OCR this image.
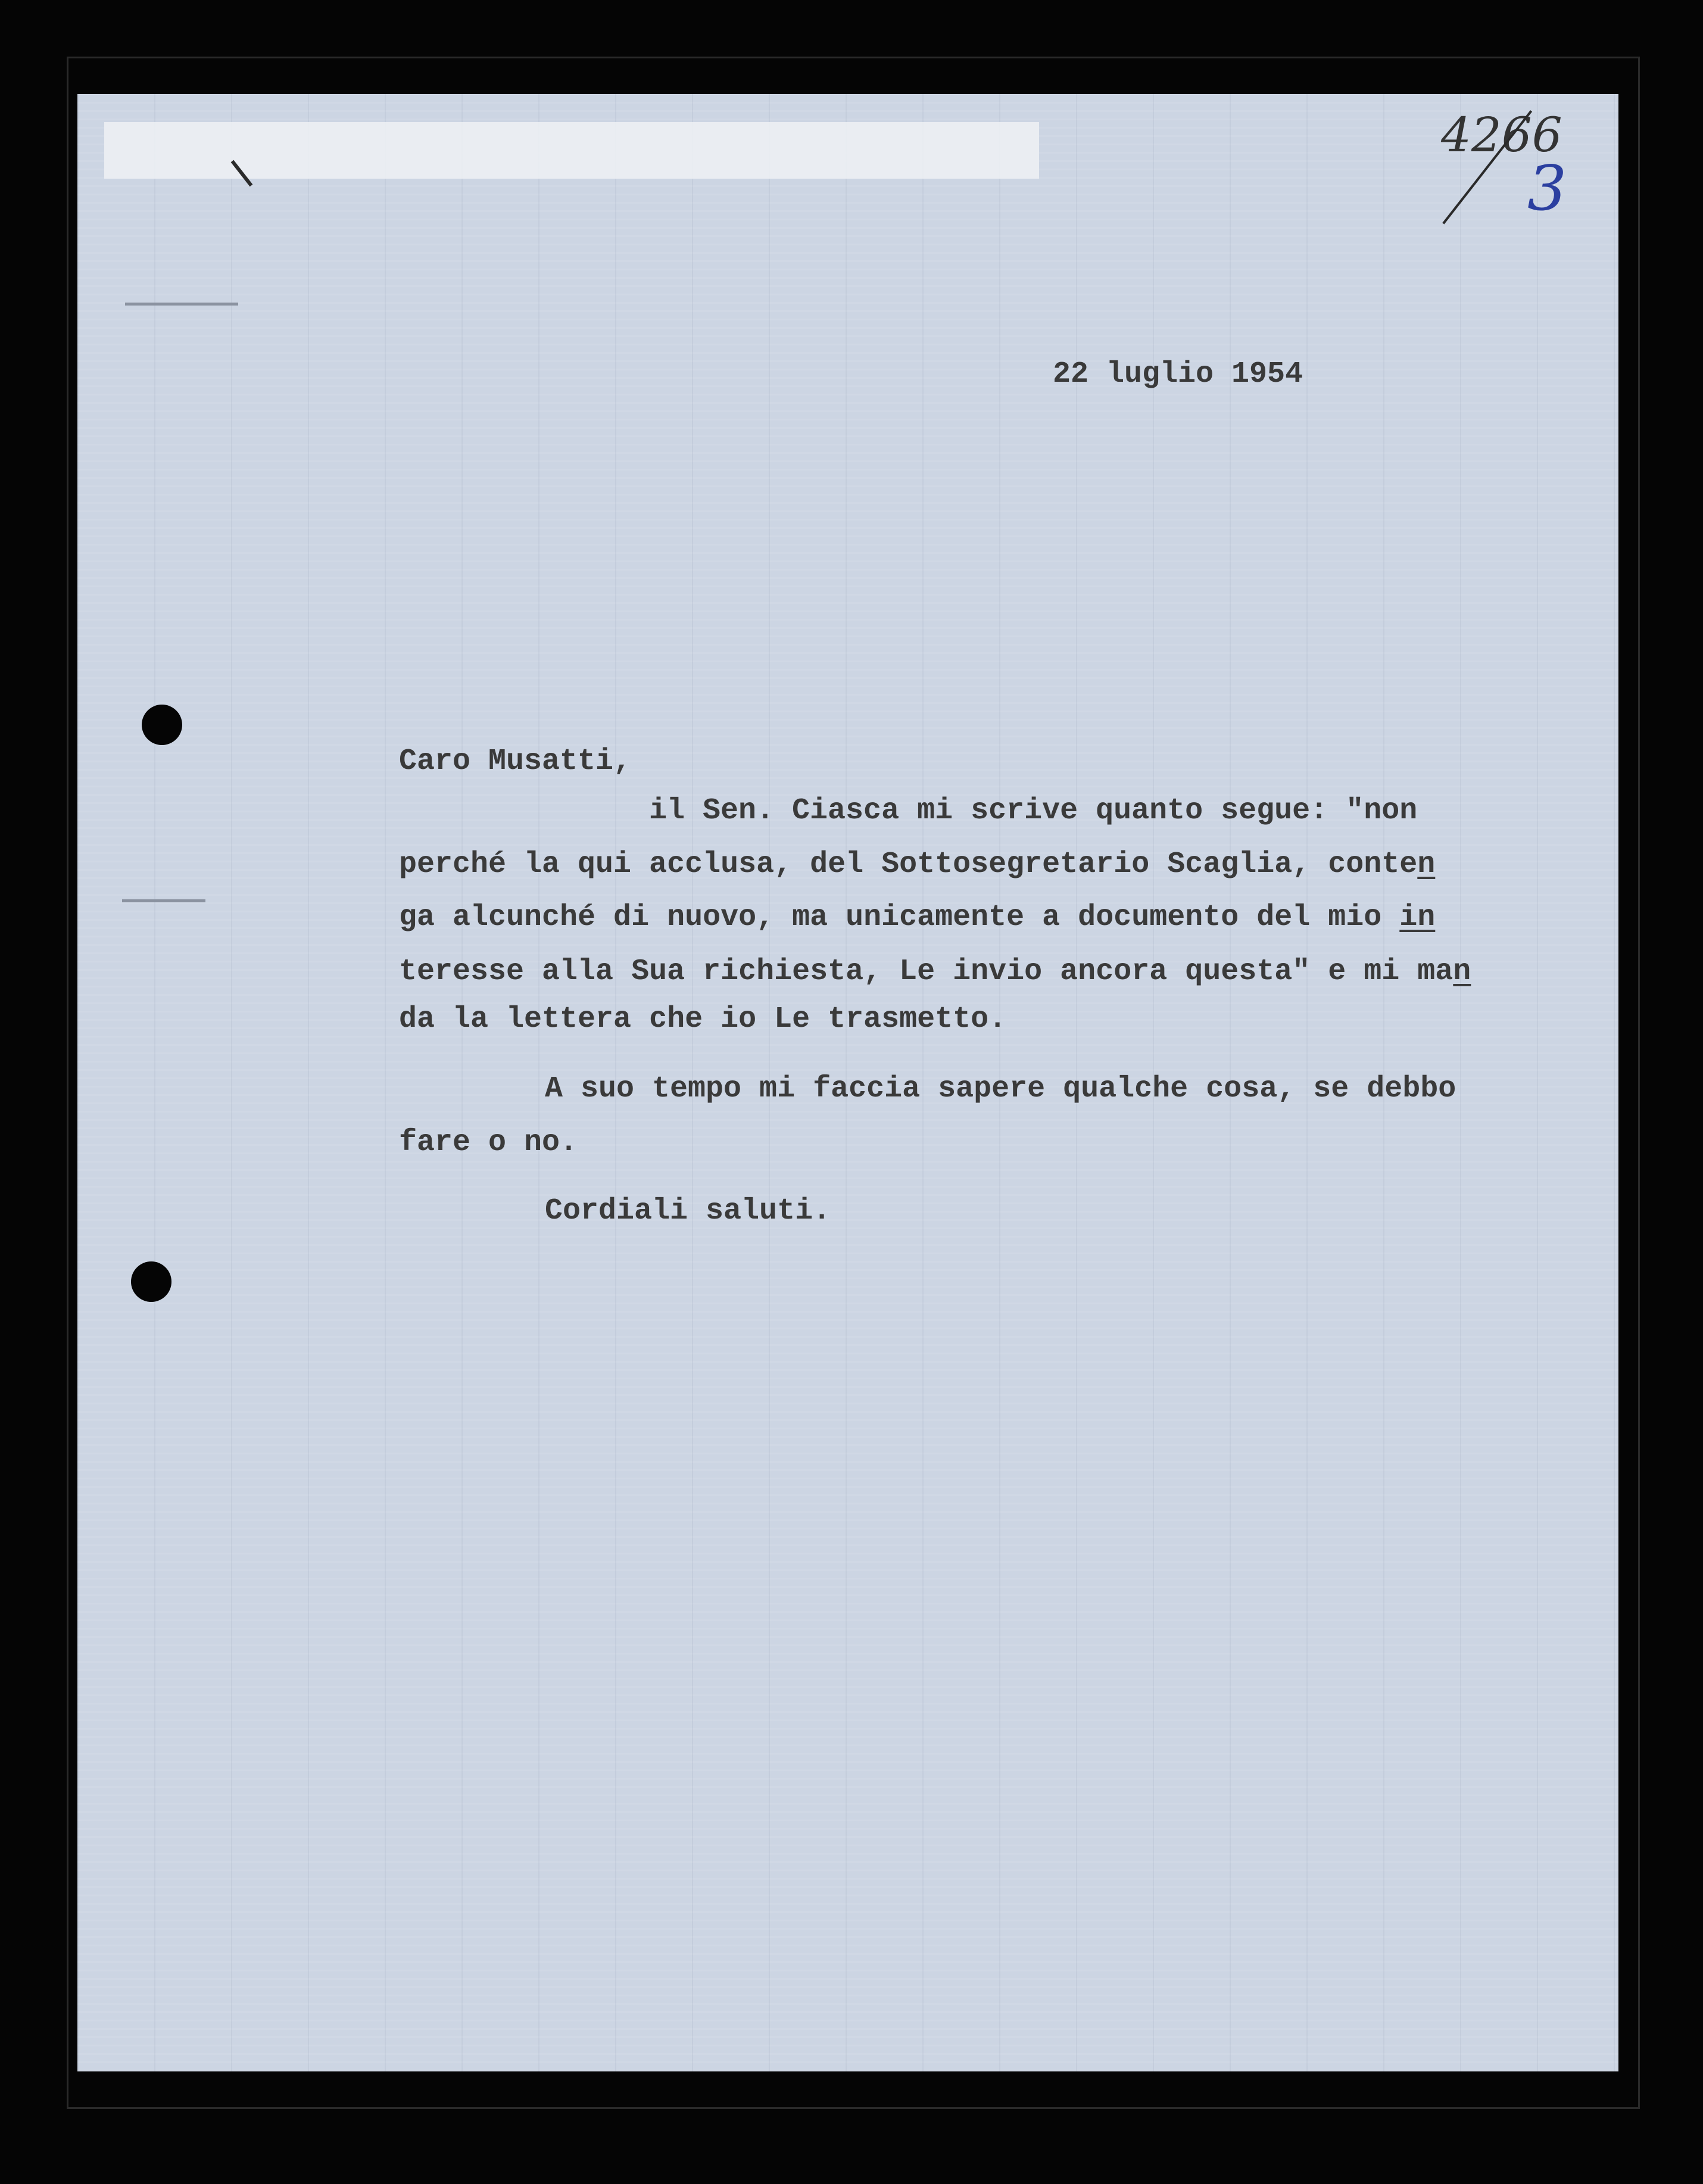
4266
3

22 luglio 1954

Caro Musatti,

il Sen. Ciasca mi scrive quanto segue: "non

perché la qui acclusa, del Sottosegretario Scaglia, conten

ga alcunché di nuovo, ma unicamente a documento del mio in

teresse alla Sua richiesta, Le invio ancora questa" e mi man

da la lettera che io Le trasmetto.

A suo tempo mi faccia sapere qualche cosa, se debbo

fare o no.

Cordiali saluti.
